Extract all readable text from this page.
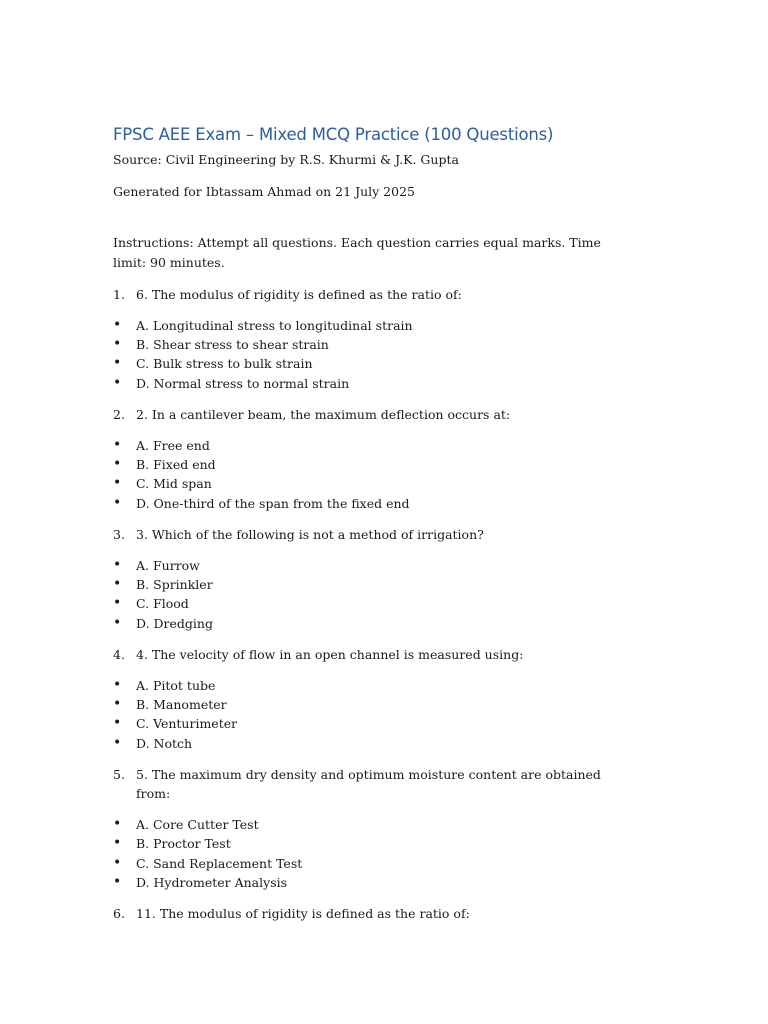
FPSC AEE Exam – Mixed MCQ Practice (100 Questions)

Source: Civil Engineering by R.S. Khurmi & J.K. Gupta

Generated for Ibtassam Ahmad on 21 July 2025

Instructions: Attempt all questions. Each question carries equal marks. Time limit: 90 minutes.

1. 6. The modulus of rigidity is defined as the ratio of:
•	A. Longitudinal stress to longitudinal strain
•	B. Shear stress to shear strain
•	C. Bulk stress to bulk strain
•	D. Normal stress to normal strain
2. 2. In a cantilever beam, the maximum deflection occurs at:
•	A. Free end
•	B. Fixed end
•	C. Mid span
•	D. One-third of the span from the fixed end
3. 3. Which of the following is not a method of irrigation?
•	A. Furrow
•	B. Sprinkler
•	C. Flood
•	D. Dredging
4. 4. The velocity of flow in an open channel is measured using:
•	A. Pitot tube
•	B. Manometer
•	C. Venturimeter
•	D. Notch
5. 5. The maximum dry density and optimum moisture content are obtained from:
•	A. Core Cutter Test
•	B. Proctor Test
•	C. Sand Replacement Test
•	D. Hydrometer Analysis
6. 11. The modulus of rigidity is defined as the ratio of:
